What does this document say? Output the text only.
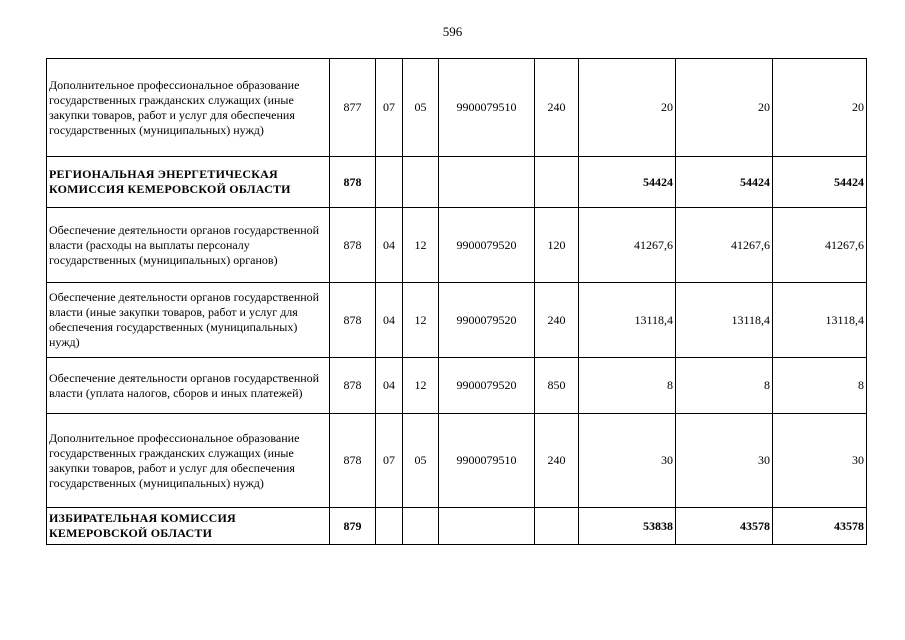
596
Дополнительное профессиональное образование государственных гражданских служащих (иные закупки товаров, работ и услуг для обеспечения государственных (муниципальных) нужд)	877	07	05	9900079510	240	20	20	20
РЕГИОНАЛЬНАЯ ЭНЕРГЕТИЧЕСКАЯ КОМИССИЯ КЕМЕРОВСКОЙ ОБЛАСТИ	878					54424	54424	54424
Обеспечение деятельности органов государственной власти (расходы на выплаты персоналу государственных (муниципальных) органов)	878	04	12	9900079520	120	41267,6	41267,6	41267,6
Обеспечение деятельности органов государственной власти (иные закупки товаров, работ и услуг для обеспечения государственных (муниципальных) нужд)	878	04	12	9900079520	240	13118,4	13118,4	13118,4
Обеспечение деятельности органов государственной власти (уплата налогов, сборов и иных платежей)	878	04	12	9900079520	850	8	8	8
Дополнительное профессиональное образование государственных гражданских служащих (иные закупки товаров, работ и услуг для обеспечения государственных (муниципальных) нужд)	878	07	05	9900079510	240	30	30	30
ИЗБИРАТЕЛЬНАЯ КОМИССИЯ КЕМЕРОВСКОЙ ОБЛАСТИ	879					53838	43578	43578
